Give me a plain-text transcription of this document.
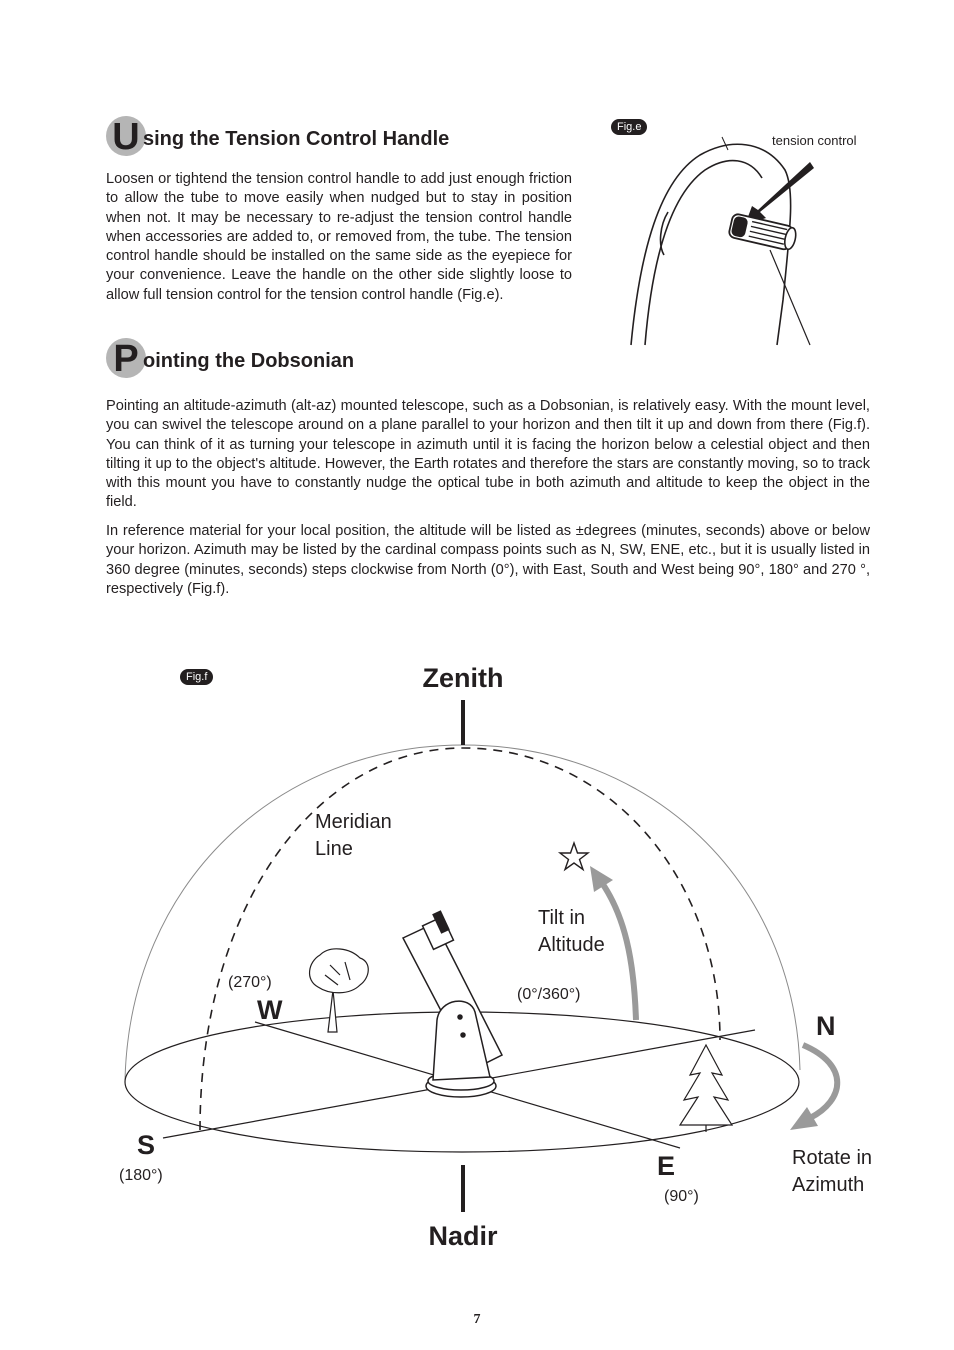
U sing the Tension Control Handle

Loosen or tightend the tension control handle to add just enough friction to allow the tube to move easily when nudged but to stay in position when not. It may be necessary to re-adjust the tension control handle when accessories are added to, or removed from, the tube. The tension control handle should be installed on the same side as the eyepiece for your convenience. Leave the handle on the other side slightly loose to allow full tension control for the tension control handle (Fig.e).

Fig.e
tension control
P ointing the Dobsonian

Pointing an altitude-azimuth (alt-az) mounted telescope, such as a Dobsonian, is relatively easy. With the mount level, you can swivel the telescope around on a plane parallel to your horizon and then tilt it up and down from there (Fig.f). You can think of it as turning your telescope in azimuth until it is facing the horizon below a celestial object and then tilting it up to the object's altitude. However, the Earth rotates and therefore the stars are constantly moving, so to track with this mount you have to constantly nudge the optical tube in both azimuth and altitude to keep the object in the field.

In reference material for your local position, the altitude will be listed as ±degrees (minutes, seconds) above or below your horizon. Azimuth may be listed by the cardinal compass points such as N, SW, ENE, etc., but it is usually listed in 360 degree (minutes, seconds) steps clockwise from North (0°), with East, South and West being 90°, 180° and 270 °, respectively (Fig.f).

Fig.f	Zenith
Nadir
Meridian
Line
Tilt in
Altitude
Rotate in
Azimuth
N
(0°/360°)
E
(90°)
S
(180°)
W
(270°)
7
